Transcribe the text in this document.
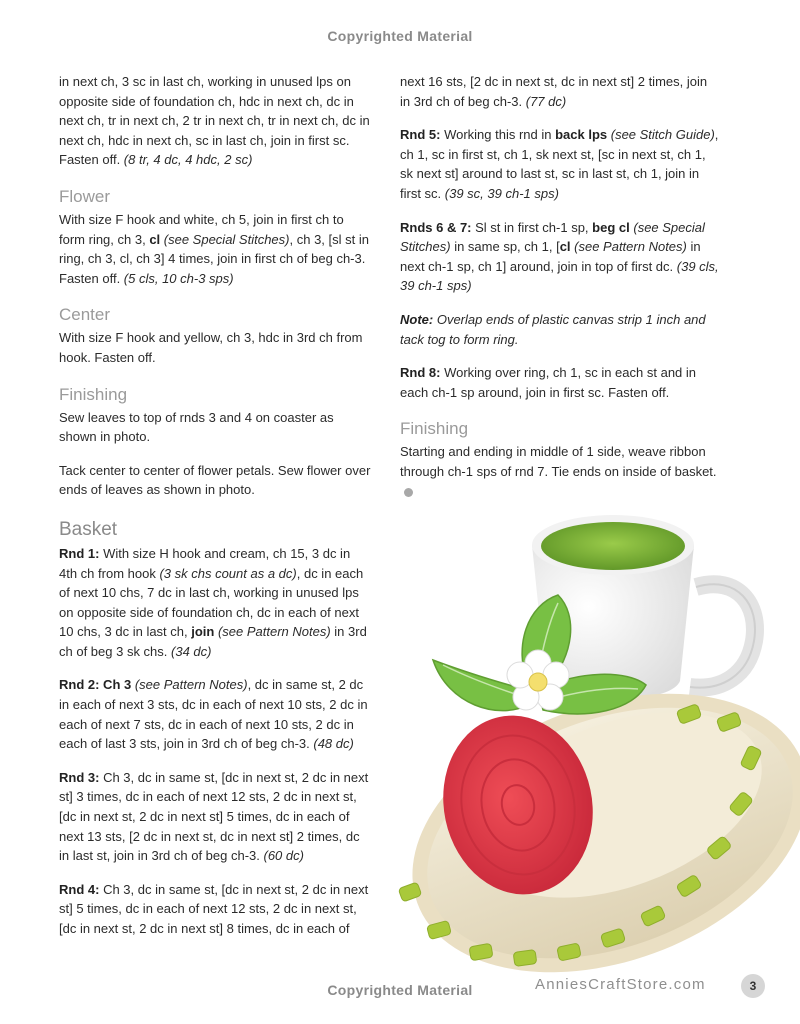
Copyrighted Material

in next ch, 3 sc in last ch, working in unused lps on opposite side of foundation ch, hdc in next ch, dc in next ch, tr in next ch, 2 tr in next ch, tr in next ch, dc in next ch, hdc in next ch, sc in last ch, join in first sc. Fasten off. (8 tr, 4 dc, 4 hdc, 2 sc)

Flower

With size F hook and white, ch 5, join in first ch to form ring, ch 3, cl (see Special Stitches), ch 3, [sl st in ring, ch 3, cl, ch 3] 4 times, join in first ch of beg ch-3. Fasten off. (5 cls, 10 ch-3 sps)

Center

With size F hook and yellow, ch 3, hdc in 3rd ch from hook. Fasten off.

Finishing

Sew leaves to top of rnds 3 and 4 on coaster as shown in photo.

Tack center to center of flower petals. Sew flower over ends of leaves as shown in photo.

Basket

Rnd 1: With size H hook and cream, ch 15, 3 dc in 4th ch from hook (3 sk chs count as a dc), dc in each of next 10 chs, 7 dc in last ch, working in unused lps on opposite side of foundation ch, dc in each of next 10 chs, 3 dc in last ch, join (see Pattern Notes) in 3rd ch of beg 3 sk chs. (34 dc)

Rnd 2: Ch 3 (see Pattern Notes), dc in same st, 2 dc in each of next 3 sts, dc in each of next 10 sts, 2 dc in each of next 7 sts, dc in each of next 10 sts, 2 dc in each of last 3 sts, join in 3rd ch of beg ch-3. (48 dc)

Rnd 3: Ch 3, dc in same st, [dc in next st, 2 dc in next st] 3 times, dc in each of next 12 sts, 2 dc in next st, [dc in next st, 2 dc in next st] 5 times, dc in each of next 13 sts, [2 dc in next st, dc in next st] 2 times, dc in last st, join in 3rd ch of beg ch-3. (60 dc)

Rnd 4: Ch 3, dc in same st, [dc in next st, 2 dc in next st] 5 times, dc in each of next 12 sts, 2 dc in next st, [dc in next st, 2 dc in next st] 8 times, dc in each of

next 16 sts, [2 dc in next st, dc in next st] 2 times, join in 3rd ch of beg ch-3. (77 dc)

Rnd 5: Working this rnd in back lps (see Stitch Guide), ch 1, sc in first st, ch 1, sk next st, [sc in next st, ch 1, sk next st] around to last st, sc in last st, ch 1, join in first sc. (39 sc, 39 ch-1 sps)

Rnds 6 & 7: Sl st in first ch-1 sp, beg cl (see Special Stitches) in same sp, ch 1, [cl (see Pattern Notes) in next ch-1 sp, ch 1] around, join in top of first dc. (39 cls, 39 ch-1 sps)

Note: Overlap ends of plastic canvas strip 1 inch and tack tog to form ring.

Rnd 8: Working over ring, ch 1, sc in each st and in each ch-1 sp around, join in first sc. Fasten off.

Finishing

Starting and ending in middle of 1 side, weave ribbon through ch-1 sps of rnd 7. Tie ends on inside of basket.

AnniesCraftStore.com	3
Copyrighted Material
